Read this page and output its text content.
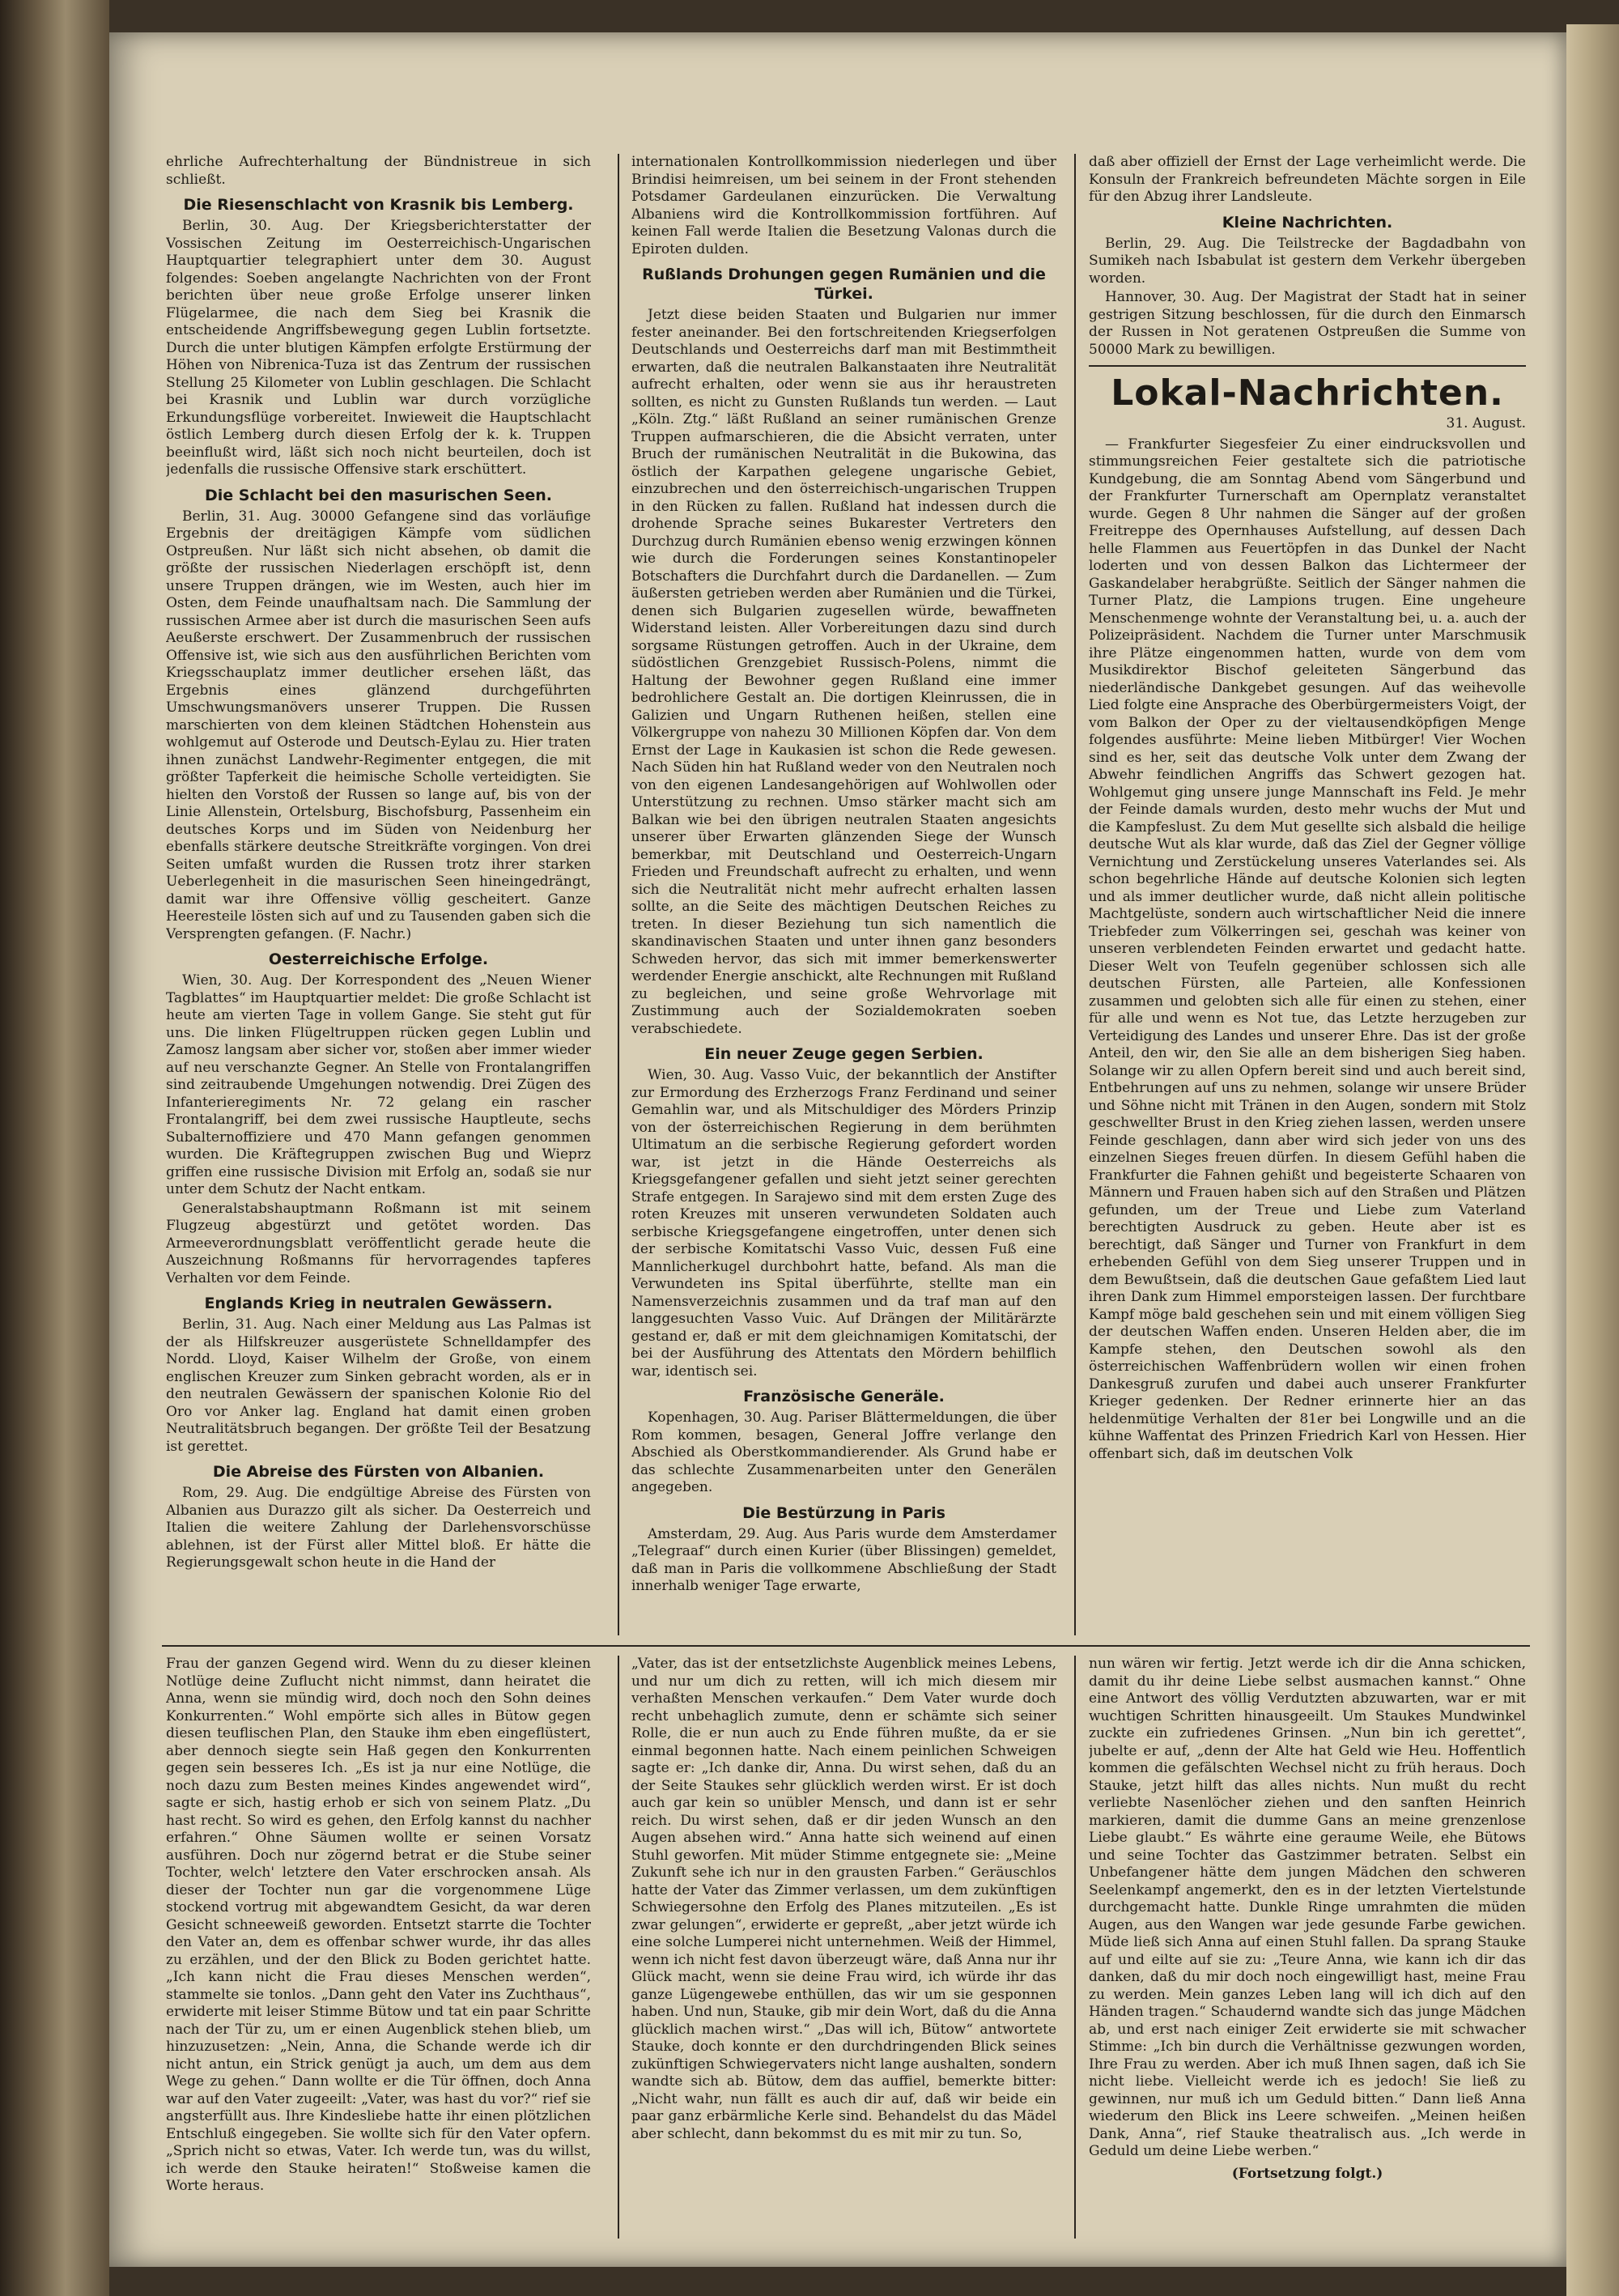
ehrliche Aufrechterhaltung der Bündnistreue in sich schließt.

Die Riesenschlacht von Krasnik bis Lemberg.

Berlin, 30. Aug. Der Kriegsberichterstatter der Vossischen Zeitung im Oesterreichisch-Ungarischen Hauptquartier telegraphiert unter dem 30. August folgendes: Soeben angelangte Nachrichten von der Front berichten über neue große Erfolge unserer linken Flügelarmee, die nach dem Sieg bei Krasnik die entscheidende Angriffsbewegung gegen Lublin fortsetzte. Durch die unter blutigen Kämpfen erfolgte Erstürmung der Höhen von Nibrenica-Tuza ist das Zentrum der russischen Stellung 25 Kilometer von Lublin geschlagen. Die Schlacht bei Krasnik und Lublin war durch vorzügliche Erkundungsflüge vorbereitet. Inwieweit die Hauptschlacht östlich Lemberg durch diesen Erfolg der k. k. Truppen beeinflußt wird, läßt sich noch nicht beurteilen, doch ist jedenfalls die russische Offensive stark erschüttert.

Die Schlacht bei den masurischen Seen.

Berlin, 31. Aug. 30000 Gefangene sind das vorläufige Ergebnis der dreitägigen Kämpfe vom südlichen Ostpreußen. Nur läßt sich nicht absehen, ob damit die größte der russischen Niederlagen erschöpft ist, denn unsere Truppen drängen, wie im Westen, auch hier im Osten, dem Feinde unaufhaltsam nach. Die Sammlung der russischen Armee aber ist durch die masurischen Seen aufs Aeußerste erschwert. Der Zusammenbruch der russischen Offensive ist, wie sich aus den ausführlichen Berichten vom Kriegsschauplatz immer deutlicher ersehen läßt, das Ergebnis eines glänzend durchgeführten Umschwungsmanövers unserer Truppen. Die Russen marschierten von dem kleinen Städtchen Hohenstein aus wohlgemut auf Osterode und Deutsch-Eylau zu. Hier traten ihnen zunächst Landwehr-Regimenter entgegen, die mit größter Tapferkeit die heimische Scholle verteidigten. Sie hielten den Vorstoß der Russen so lange auf, bis von der Linie Allenstein, Ortelsburg, Bischofsburg, Passenheim ein deutsches Korps und im Süden von Neidenburg her ebenfalls stärkere deutsche Streitkräfte vorgingen. Von drei Seiten umfaßt wurden die Russen trotz ihrer starken Ueberlegenheit in die masurischen Seen hineingedrängt, damit war ihre Offensive völlig gescheitert. Ganze Heeresteile lösten sich auf und zu Tausenden gaben sich die Versprengten gefangen. (F. Nachr.)

Oesterreichische Erfolge.

Wien, 30. Aug. Der Korrespondent des „Neuen Wiener Tagblattes“ im Hauptquartier meldet: Die große Schlacht ist heute am vierten Tage in vollem Gange. Sie steht gut für uns. Die linken Flügeltruppen rücken gegen Lublin und Zamosz langsam aber sicher vor, stoßen aber immer wieder auf neu verschanzte Gegner. An Stelle von Frontalangriffen sind zeitraubende Umgehungen notwendig. Drei Zügen des Infanterieregiments Nr. 72 gelang ein rascher Frontalangriff, bei dem zwei russische Hauptleute, sechs Subalternoffiziere und 470 Mann gefangen genommen wurden. Die Kräftegruppen zwischen Bug und Wieprz griffen eine russische Division mit Erfolg an, sodaß sie nur unter dem Schutz der Nacht entkam.

Generalstabshauptmann Roßmann ist mit seinem Flugzeug abgestürzt und getötet worden. Das Armeeverordnungsblatt veröffentlicht gerade heute die Auszeichnung Roßmanns für hervorragendes tapferes Verhalten vor dem Feinde.

Englands Krieg in neutralen Gewässern.

Berlin, 31. Aug. Nach einer Meldung aus Las Palmas ist der als Hilfskreuzer ausgerüstete Schnelldampfer des Nordd. Lloyd, Kaiser Wilhelm der Große, von einem englischen Kreuzer zum Sinken gebracht worden, als er in den neutralen Gewässern der spanischen Kolonie Rio del Oro vor Anker lag. England hat damit einen groben Neutralitätsbruch begangen. Der größte Teil der Besatzung ist gerettet.

Die Abreise des Fürsten von Albanien.

Rom, 29. Aug. Die endgültige Abreise des Fürsten von Albanien aus Durazzo gilt als sicher. Da Oesterreich und Italien die weitere Zahlung der Darlehensvorschüsse ablehnen, ist der Fürst aller Mittel bloß. Er hätte die Regierungsgewalt schon heute in die Hand der

internationalen Kontrollkommission niederlegen und über Brindisi heimreisen, um bei seinem in der Front stehenden Potsdamer Gardeulanen einzurücken. Die Verwaltung Albaniens wird die Kontrollkommission fortführen. Auf keinen Fall werde Italien die Besetzung Valonas durch die Epiroten dulden.

Rußlands Drohungen gegen Rumänien und die Türkei.

Jetzt diese beiden Staaten und Bulgarien nur immer fester aneinander. Bei den fortschreitenden Kriegserfolgen Deutschlands und Oesterreichs darf man mit Bestimmtheit erwarten, daß die neutralen Balkanstaaten ihre Neutralität aufrecht erhalten, oder wenn sie aus ihr heraustreten sollten, es nicht zu Gunsten Rußlands tun werden. — Laut „Köln. Ztg.“ läßt Rußland an seiner rumänischen Grenze Truppen aufmarschieren, die die Absicht verraten, unter Bruch der rumänischen Neutralität in die Bukowina, das östlich der Karpathen gelegene ungarische Gebiet, einzubrechen und den österreichisch-ungarischen Truppen in den Rücken zu fallen. Rußland hat indessen durch die drohende Sprache seines Bukarester Vertreters den Durchzug durch Rumänien ebenso wenig erzwingen können wie durch die Forderungen seines Konstantinopeler Botschafters die Durchfahrt durch die Dardanellen. — Zum äußersten getrieben werden aber Rumänien und die Türkei, denen sich Bulgarien zugesellen würde, bewaffneten Widerstand leisten. Aller Vorbereitungen dazu sind durch sorgsame Rüstungen getroffen. Auch in der Ukraine, dem südöstlichen Grenzgebiet Russisch-Polens, nimmt die Haltung der Bewohner gegen Rußland eine immer bedrohlichere Gestalt an. Die dortigen Kleinrussen, die in Galizien und Ungarn Ruthenen heißen, stellen eine Völkergruppe von nahezu 30 Millionen Köpfen dar. Von dem Ernst der Lage in Kaukasien ist schon die Rede gewesen. Nach Süden hin hat Rußland weder von den Neutralen noch von den eigenen Landesangehörigen auf Wohlwollen oder Unterstützung zu rechnen. Umso stärker macht sich am Balkan wie bei den übrigen neutralen Staaten angesichts unserer über Erwarten glänzenden Siege der Wunsch bemerkbar, mit Deutschland und Oesterreich-Ungarn Frieden und Freundschaft aufrecht zu erhalten, und wenn sich die Neutralität nicht mehr aufrecht erhalten lassen sollte, an die Seite des mächtigen Deutschen Reiches zu treten. In dieser Beziehung tun sich namentlich die skandinavischen Staaten und unter ihnen ganz besonders Schweden hervor, das sich mit immer bemerkenswerter werdender Energie anschickt, alte Rechnungen mit Rußland zu begleichen, und seine große Wehrvorlage mit Zustimmung auch der Sozialdemokraten soeben verabschiedete.

Ein neuer Zeuge gegen Serbien.

Wien, 30. Aug. Vasso Vuic, der bekanntlich der Anstifter zur Ermordung des Erzherzogs Franz Ferdinand und seiner Gemahlin war, und als Mitschuldiger des Mörders Prinzip von der österreichischen Regierung in dem berühmten Ultimatum an die serbische Regierung gefordert worden war, ist jetzt in die Hände Oesterreichs als Kriegsgefangener gefallen und sieht jetzt seiner gerechten Strafe entgegen. In Sarajewo sind mit dem ersten Zuge des roten Kreuzes mit unseren verwundeten Soldaten auch serbische Kriegsgefangene eingetroffen, unter denen sich der serbische Komitatschi Vasso Vuic, dessen Fuß eine Mannlicherkugel durchbohrt hatte, befand. Als man die Verwundeten ins Spital überführte, stellte man ein Namensverzeichnis zusammen und da traf man auf den langgesuchten Vasso Vuic. Auf Drängen der Militärärzte gestand er, daß er mit dem gleichnamigen Komitatschi, der bei der Ausführung des Attentats den Mördern behilflich war, identisch sei.

Französische Generäle.

Kopenhagen, 30. Aug. Pariser Blättermeldungen, die über Rom kommen, besagen, General Joffre verlange den Abschied als Oberstkommandierender. Als Grund habe er das schlechte Zusammenarbeiten unter den Generälen angegeben.

Die Bestürzung in Paris

Amsterdam, 29. Aug. Aus Paris wurde dem Amsterdamer „Telegraaf“ durch einen Kurier (über Blissingen) gemeldet, daß man in Paris die vollkommene Abschließung der Stadt innerhalb weniger Tage erwarte,

daß aber offiziell der Ernst der Lage verheimlicht werde. Die Konsuln der Frankreich befreundeten Mächte sorgen in Eile für den Abzug ihrer Landsleute.

Kleine Nachrichten.

Berlin, 29. Aug. Die Teilstrecke der Bagdadbahn von Sumikeh nach Isbabulat ist gestern dem Verkehr übergeben worden.

Hannover, 30. Aug. Der Magistrat der Stadt hat in seiner gestrigen Sitzung beschlossen, für die durch den Einmarsch der Russen in Not geratenen Ostpreußen die Summe von 50000 Mark zu bewilligen.

Lokal-Nachrichten.
31. August.

— Frankfurter Siegesfeier Zu einer eindrucksvollen und stimmungsreichen Feier gestaltete sich die patriotische Kundgebung, die am Sonntag Abend vom Sängerbund und der Frankfurter Turnerschaft am Opernplatz veranstaltet wurde. Gegen 8 Uhr nahmen die Sänger auf der großen Freitreppe des Opernhauses Aufstellung, auf dessen Dach helle Flammen aus Feuertöpfen in das Dunkel der Nacht loderten und von dessen Balkon das Lichtermeer der Gaskandelaber herabgrüßte. Seitlich der Sänger nahmen die Turner Platz, die Lampions trugen. Eine ungeheure Menschenmenge wohnte der Veranstaltung bei, u. a. auch der Polizeipräsident. Nachdem die Turner unter Marschmusik ihre Plätze eingenommen hatten, wurde von dem vom Musikdirektor Bischof geleiteten Sängerbund das niederländische Dankgebet gesungen. Auf das weihevolle Lied folgte eine Ansprache des Oberbürgermeisters Voigt, der vom Balkon der Oper zu der vieltausendköpfigen Menge folgendes ausführte: Meine lieben Mitbürger! Vier Wochen sind es her, seit das deutsche Volk unter dem Zwang der Abwehr feindlichen Angriffs das Schwert gezogen hat. Wohlgemut ging unsere junge Mannschaft ins Feld. Je mehr der Feinde damals wurden, desto mehr wuchs der Mut und die Kampfeslust. Zu dem Mut gesellte sich alsbald die heilige deutsche Wut als klar wurde, daß das Ziel der Gegner völlige Vernichtung und Zerstückelung unseres Vaterlandes sei. Als schon begehrliche Hände auf deutsche Kolonien sich legten und als immer deutlicher wurde, daß nicht allein politische Machtgelüste, sondern auch wirtschaftlicher Neid die innere Triebfeder zum Völkerringen sei, geschah was keiner von unseren verblendeten Feinden erwartet und gedacht hatte. Dieser Welt von Teufeln gegenüber schlossen sich alle deutschen Fürsten, alle Parteien, alle Konfessionen zusammen und gelobten sich alle für einen zu stehen, einer für alle und wenn es Not tue, das Letzte herzugeben zur Verteidigung des Landes und unserer Ehre. Das ist der große Anteil, den wir, den Sie alle an dem bisherigen Sieg haben. Solange wir zu allen Opfern bereit sind und auch bereit sind, Entbehrungen auf uns zu nehmen, solange wir unsere Brüder und Söhne nicht mit Tränen in den Augen, sondern mit Stolz geschwellter Brust in den Krieg ziehen lassen, werden unsere Feinde geschlagen, dann aber wird sich jeder von uns des einzelnen Sieges freuen dürfen. In diesem Gefühl haben die Frankfurter die Fahnen gehißt und begeisterte Schaaren von Männern und Frauen haben sich auf den Straßen und Plätzen gefunden, um der Treue und Liebe zum Vaterland berechtigten Ausdruck zu geben. Heute aber ist es berechtigt, daß Sänger und Turner von Frankfurt in dem erhebenden Gefühl von dem Sieg unserer Truppen und in dem Bewußtsein, daß die deutschen Gaue gefaßtem Lied laut ihren Dank zum Himmel emporsteigen lassen. Der furchtbare Kampf möge bald geschehen sein und mit einem völligen Sieg der deutschen Waffen enden. Unseren Helden aber, die im Kampfe stehen, den Deutschen sowohl als den österreichischen Waffenbrüdern wollen wir einen frohen Dankesgruß zurufen und dabei auch unserer Frankfurter Krieger gedenken. Der Redner erinnerte hier an das heldenmütige Verhalten der 81er bei Longwille und an die kühne Waffentat des Prinzen Friedrich Karl von Hessen. Hier offenbart sich, daß im deutschen Volk

Frau der ganzen Gegend wird. Wenn du zu dieser kleinen Notlüge deine Zuflucht nicht nimmst, dann heiratet die Anna, wenn sie mündig wird, doch noch den Sohn deines Konkurrenten.“ Wohl empörte sich alles in Bütow gegen diesen teuflischen Plan, den Stauke ihm eben eingeflüstert, aber dennoch siegte sein Haß gegen den Konkurrenten gegen sein besseres Ich. „Es ist ja nur eine Notlüge, die noch dazu zum Besten meines Kindes angewendet wird“, sagte er sich, hastig erhob er sich von seinem Platz. „Du hast recht. So wird es gehen, den Erfolg kannst du nachher erfahren.“ Ohne Säumen wollte er seinen Vorsatz ausführen. Doch nur zögernd betrat er die Stube seiner Tochter, welch' letztere den Vater erschrocken ansah. Als dieser der Tochter nun gar die vorgenommene Lüge stockend vortrug mit abgewandtem Gesicht, da war deren Gesicht schneeweiß geworden. Entsetzt starrte die Tochter den Vater an, dem es offenbar schwer wurde, ihr das alles zu erzählen, und der den Blick zu Boden gerichtet hatte. „Ich kann nicht die Frau dieses Menschen werden“, stammelte sie tonlos. „Dann geht den Vater ins Zuchthaus“, erwiderte mit leiser Stimme Bütow und tat ein paar Schritte nach der Tür zu, um er einen Augenblick stehen blieb, um hinzuzusetzen: „Nein, Anna, die Schande werde ich dir nicht antun, ein Strick genügt ja auch, um dem aus dem Wege zu gehen.“ Dann wollte er die Tür öffnen, doch Anna war auf den Vater zugeeilt: „Vater, was hast du vor?“ rief sie angsterfüllt aus. Ihre Kindesliebe hatte ihr einen plötzlichen Entschluß eingegeben. Sie wollte sich für den Vater opfern. „Sprich nicht so etwas, Vater. Ich werde tun, was du willst, ich werde den Stauke heiraten!“ Stoßweise kamen die Worte heraus.

„Vater, das ist der entsetzlichste Augenblick meines Lebens, und nur um dich zu retten, will ich mich diesem mir verhaßten Menschen verkaufen.“ Dem Vater wurde doch recht unbehaglich zumute, denn er schämte sich seiner Rolle, die er nun auch zu Ende führen mußte, da er sie einmal begonnen hatte. Nach einem peinlichen Schweigen sagte er: „Ich danke dir, Anna. Du wirst sehen, daß du an der Seite Staukes sehr glücklich werden wirst. Er ist doch auch gar kein so unübler Mensch, und dann ist er sehr reich. Du wirst sehen, daß er dir jeden Wunsch an den Augen absehen wird.“ Anna hatte sich weinend auf einen Stuhl geworfen. Mit müder Stimme entgegnete sie: „Meine Zukunft sehe ich nur in den grausten Farben.“ Geräuschlos hatte der Vater das Zimmer verlassen, um dem zukünftigen Schwiegersohne den Erfolg des Planes mitzuteilen. „Es ist zwar gelungen“, erwiderte er gepreßt, „aber jetzt würde ich eine solche Lumperei nicht unternehmen. Weiß der Himmel, wenn ich nicht fest davon überzeugt wäre, daß Anna nur ihr Glück macht, wenn sie deine Frau wird, ich würde ihr das ganze Lügengewebe enthüllen, das wir um sie gesponnen haben. Und nun, Stauke, gib mir dein Wort, daß du die Anna glücklich machen wirst.“ „Das will ich, Bütow“ antwortete Stauke, doch konnte er den durchdringenden Blick seines zukünftigen Schwiegervaters nicht lange aushalten, sondern wandte sich ab. Bütow, dem das auffiel, bemerkte bitter: „Nicht wahr, nun fällt es auch dir auf, daß wir beide ein paar ganz erbärmliche Kerle sind. Behandelst du das Mädel aber schlecht, dann bekommst du es mit mir zu tun. So,

nun wären wir fertig. Jetzt werde ich dir die Anna schicken, damit du ihr deine Liebe selbst ausmachen kannst.“ Ohne eine Antwort des völlig Verdutzten abzuwarten, war er mit wuchtigen Schritten hinausgeeilt. Um Staukes Mundwinkel zuckte ein zufriedenes Grinsen. „Nun bin ich gerettet“, jubelte er auf, „denn der Alte hat Geld wie Heu. Hoffentlich kommen die gefälschten Wechsel nicht zu früh heraus. Doch Stauke, jetzt hilft das alles nichts. Nun mußt du recht verliebte Nasenlöcher ziehen und den sanften Heinrich markieren, damit die dumme Gans an meine grenzenlose Liebe glaubt.“ Es währte eine geraume Weile, ehe Bütows und seine Tochter das Gastzimmer betraten. Selbst ein Unbefangener hätte dem jungen Mädchen den schweren Seelenkampf angemerkt, den es in der letzten Viertelstunde durchgemacht hatte. Dunkle Ringe umrahmten die müden Augen, aus den Wangen war jede gesunde Farbe gewichen. Müde ließ sich Anna auf einen Stuhl fallen. Da sprang Stauke auf und eilte auf sie zu: „Teure Anna, wie kann ich dir das danken, daß du mir doch noch eingewilligt hast, meine Frau zu werden. Mein ganzes Leben lang will ich dich auf den Händen tragen.“ Schaudernd wandte sich das junge Mädchen ab, und erst nach einiger Zeit erwiderte sie mit schwacher Stimme: „Ich bin durch die Verhältnisse gezwungen worden, Ihre Frau zu werden. Aber ich muß Ihnen sagen, daß ich Sie nicht liebe. Vielleicht werde ich es jedoch! Sie ließ zu gewinnen, nur muß ich um Geduld bitten.“ Dann ließ Anna wiederum den Blick ins Leere schweifen. „Meinen heißen Dank, Anna“, rief Stauke theatralisch aus. „Ich werde in Geduld um deine Liebe werben.“

(Fortsetzung folgt.)
